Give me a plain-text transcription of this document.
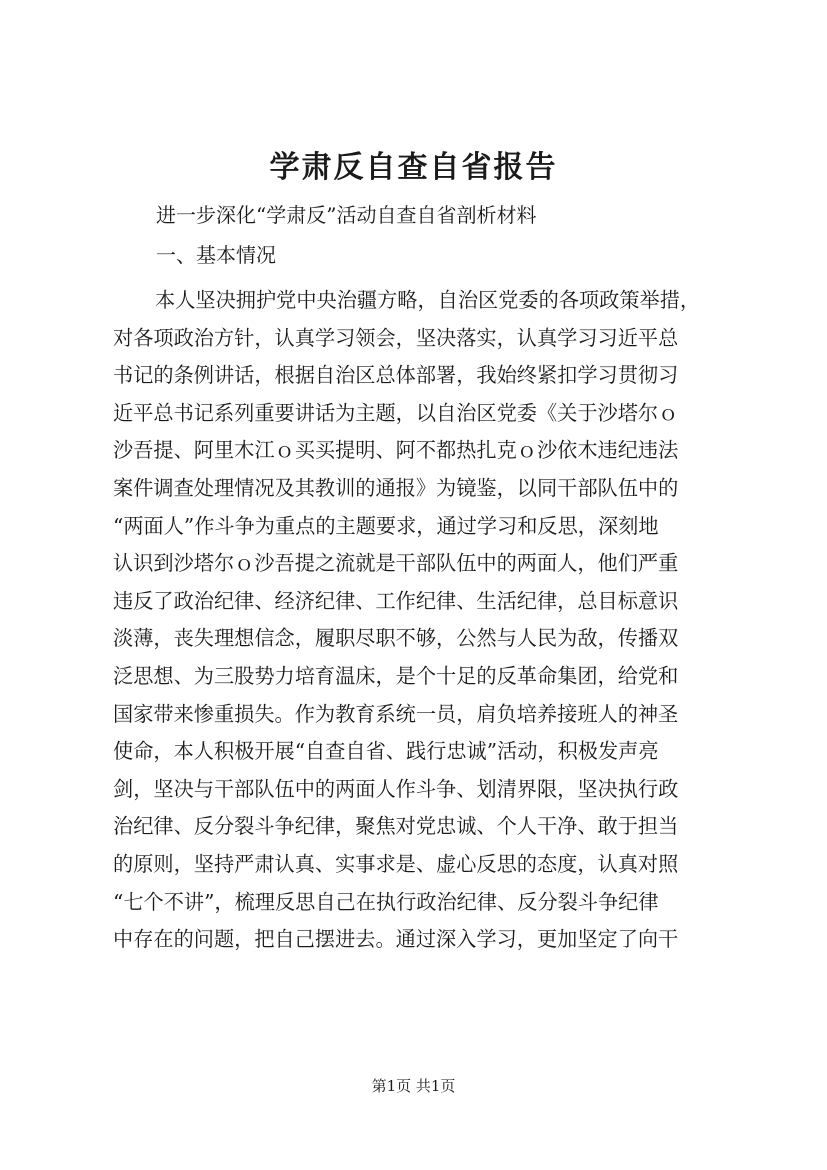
学肃反自查自省报告
进一步深化“学肃反”活动自查自省剖析材料
一、基本情况
本人坚决拥护党中央治疆方略，自治区党委的各项政策举措，
对各项政治方针，认真学习领会，坚决落实，认真学习习近平总
书记的条例讲话，根据自治区总体部署，我始终紧扣学习贯彻习
近平总书记系列重要讲话为主题，以自治区党委《关于沙塔尔ｏ
沙吾提、阿里木江ｏ买买提明、阿不都热扎克ｏ沙依木违纪违法
案件调查处理情况及其教训的通报》为镜鉴，以同干部队伍中的
“两面人”作斗争为重点的主题要求，通过学习和反思，深刻地
认识到沙塔尔ｏ沙吾提之流就是干部队伍中的两面人，他们严重
违反了政治纪律、经济纪律、工作纪律、生活纪律，总目标意识
淡薄，丧失理想信念，履职尽职不够，公然与人民为敌，传播双
泛思想、为三股势力培育温床，是个十足的反革命集团，给党和
国家带来惨重损失。作为教育系统一员，肩负培养接班人的神圣
使命，本人积极开展“自查自省、践行忠诚”活动，积极发声亮
剑，坚决与干部队伍中的两面人作斗争、划清界限，坚决执行政
治纪律、反分裂斗争纪律，聚焦对党忠诚、个人干净、敢于担当
的原则，坚持严肃认真、实事求是、虚心反思的态度，认真对照
“七个不讲”，梳理反思自己在执行政治纪律、反分裂斗争纪律
中存在的问题，把自己摆进去。通过深入学习，更加坚定了向干
第1页 共1页
